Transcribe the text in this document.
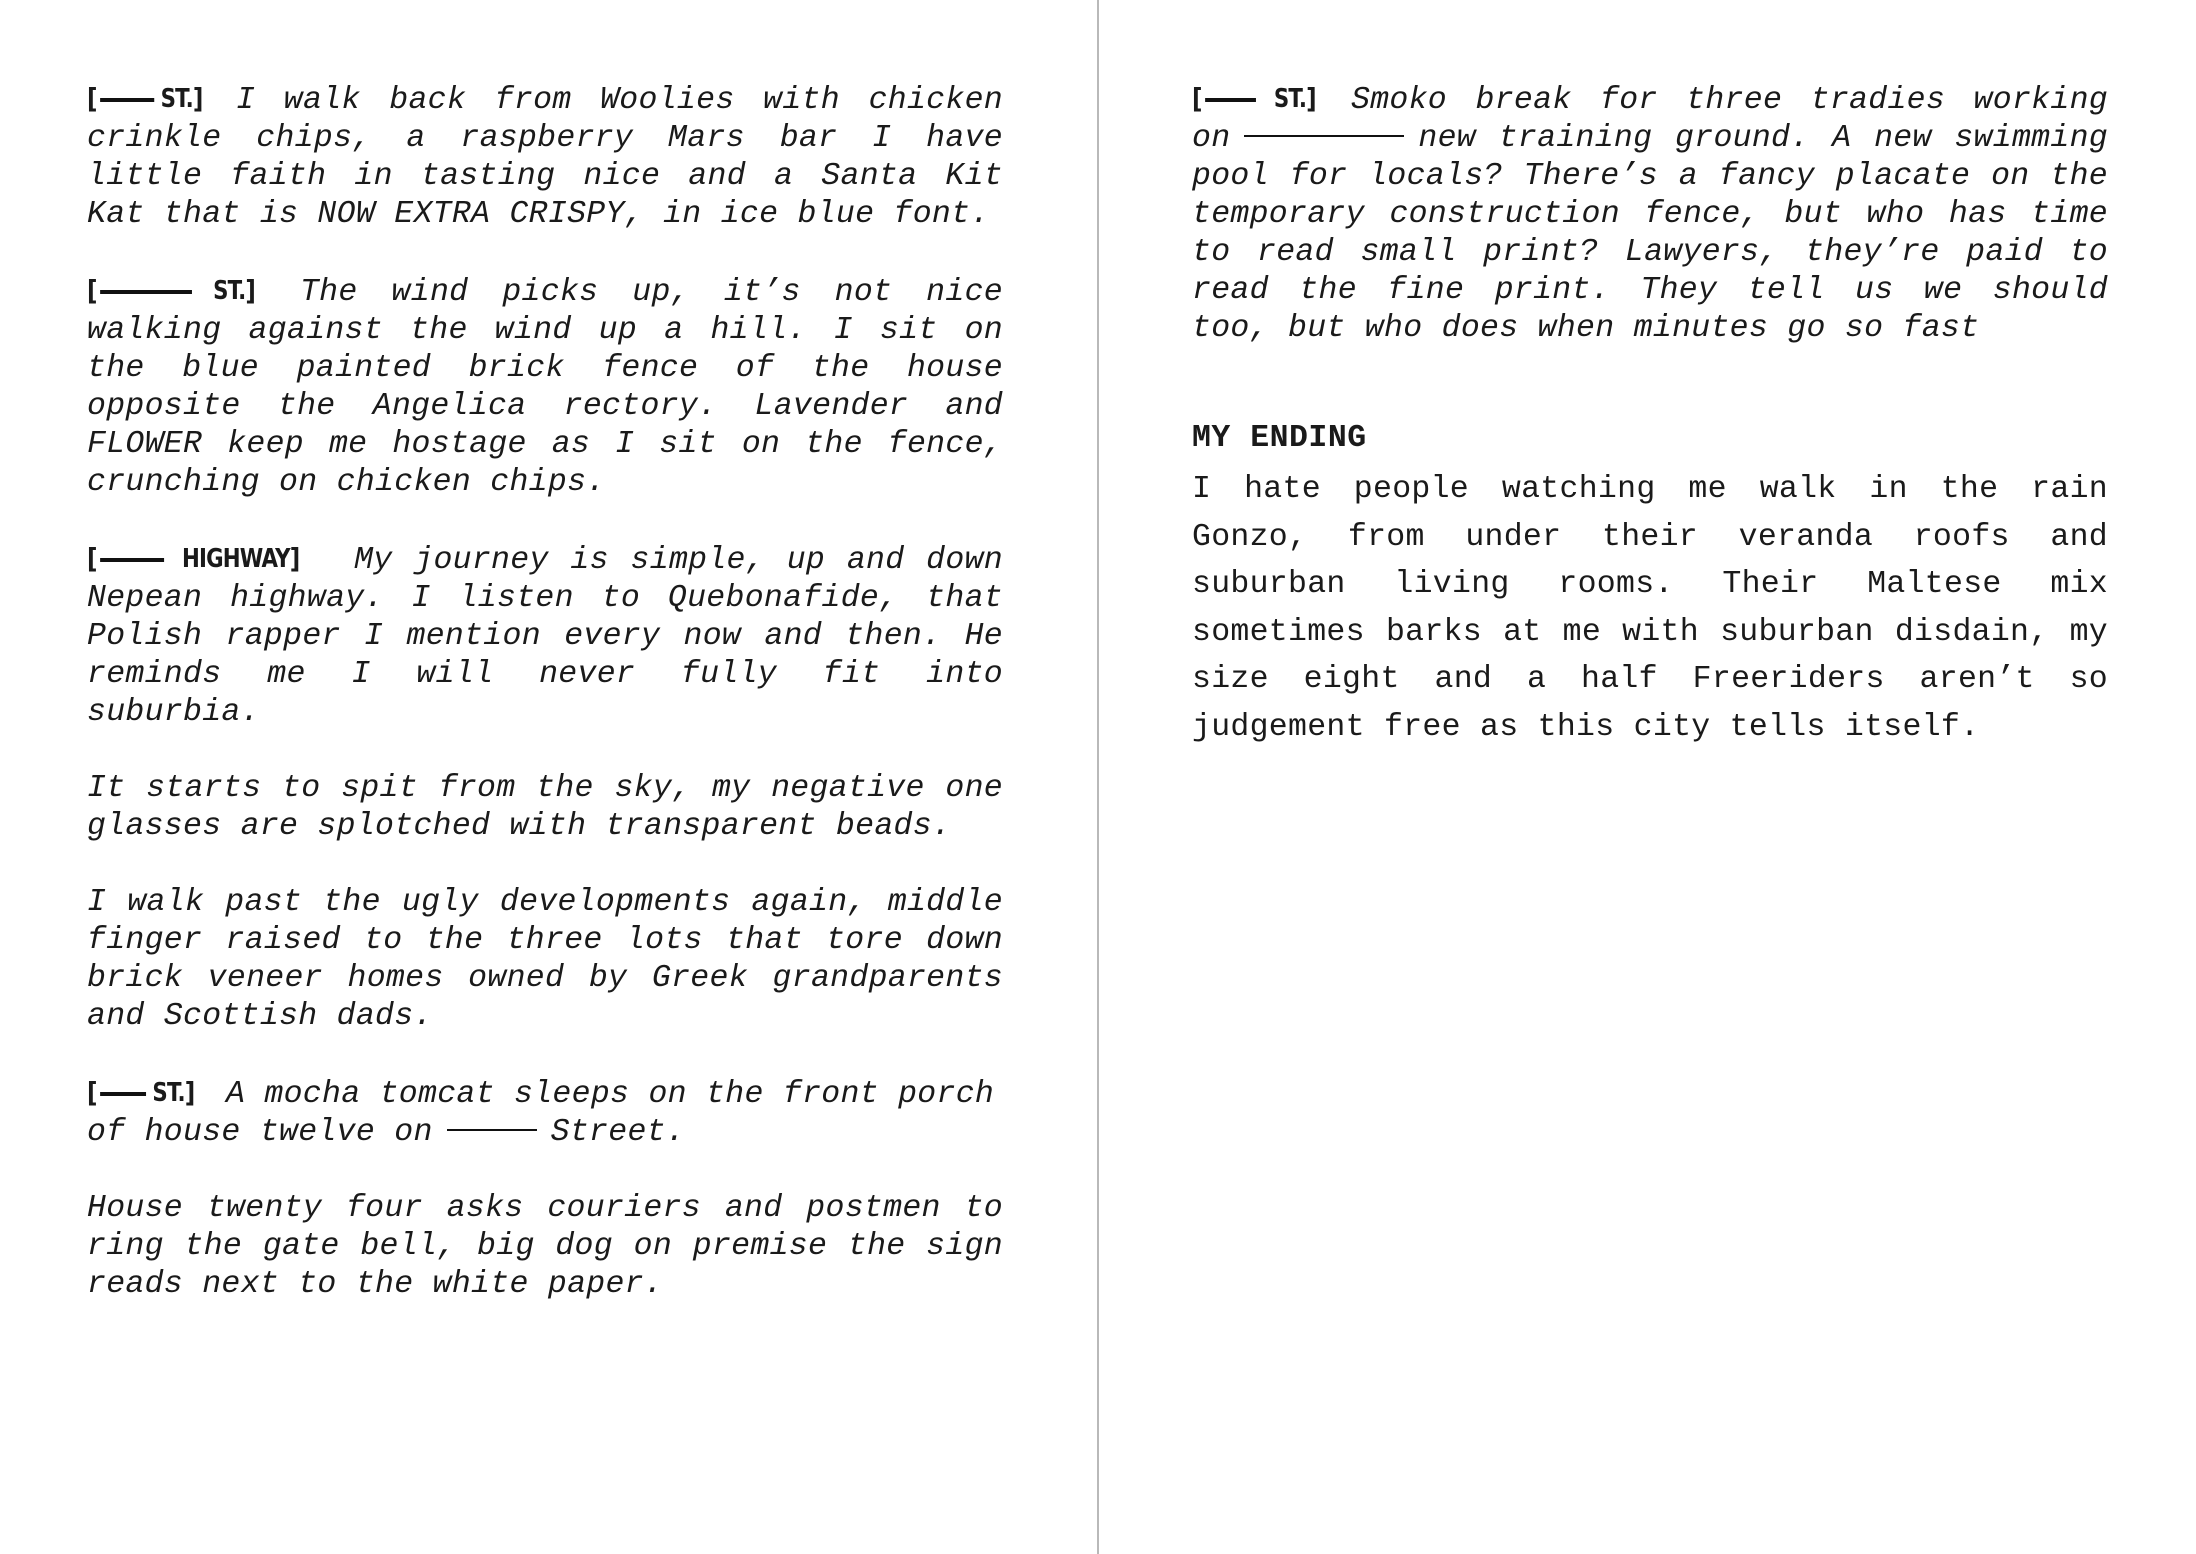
[ ST. ] I walk back from Woolies with chicken crinkle chips, a raspberry Mars bar I have little faith in tasting nice and a Santa Kit Kat that is NOW EXTRA CRISPY, in ice blue font.

[	ST. ] The wind picks up, it’s not nice walking against the wind up a hill. I sit on the blue painted brick fence of the house opposite the Angelica rectory. Lavender and FLOWER keep me hostage as I sit on the fence, crunching on chicken chips.

[	HIGHWAY ] My journey is simple, up and down Nepean highway. I listen to Quebonafide, that Polish rapper I mention every now and then. He reminds me I will never fully fit into suburbia.

It starts to spit from the sky, my negative one glasses are splotched with transparent beads.

I walk past the ugly developments again, middle finger raised to the three lots that tore down brick veneer homes owned by Greek grandparents and Scottish dads.

[ ST. ] A mocha tomcat sleeps on the front porch of house twelve on	Street.

House twenty four asks couriers and postmen to ring the gate bell, big dog on premise the sign reads next to the white paper.

[	ST. ] Smoko break for three tradies working on	new training ground. A new swimming pool for locals? There’s a fancy placate on the temporary construction fence, but who has time to read small print? Lawyers, they’re paid to read the fine print. They tell us we should too, but who does when minutes go so fast

MY ENDING

I hate people watching me walk in the rain Gonzo, from under their veranda roofs and suburban living rooms. Their Maltese mix sometimes barks at me with suburban disdain, my size eight and a half Freeriders aren’t so judgement free as this city tells itself.
